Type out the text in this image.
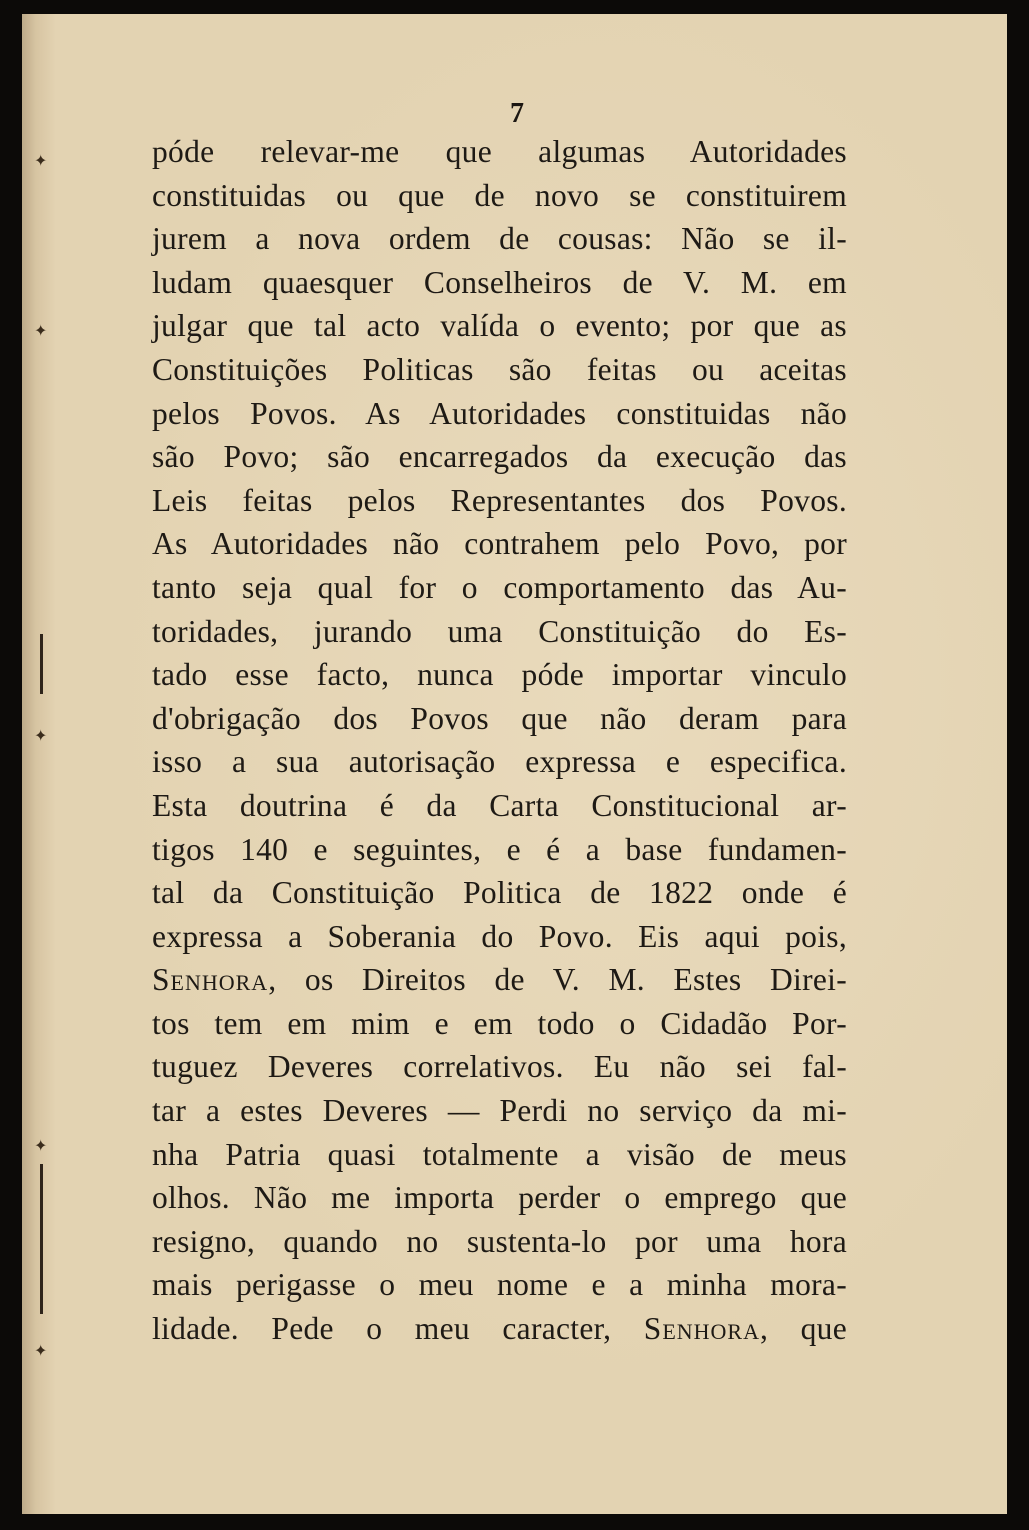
✦
✦
✦
✦
✦
7
póde relevar-me que algumas Autoridades
constituidas ou que de novo se constituirem
jurem a nova ordem de cousas: Não se il-
ludam quaesquer Conselheiros de V. M. em
julgar que tal acto valída o evento; por que as
Constituições Politicas são feitas ou aceitas
pelos Povos. As Autoridades constituidas não
são Povo; são encarregados da execução das
Leis feitas pelos Representantes dos Povos.
As Autoridades não contrahem pelo Povo, por
tanto seja qual for o comportamento das Au-
toridades, jurando uma Constituição do Es-
tado esse facto, nunca póde importar vinculo
d'obrigação dos Povos que não deram para
isso a sua autorisação expressa e especifica.
Esta doutrina é da Carta Constitucional ar-
tigos 140 e seguintes, e é a base fundamen-
tal da Constituição Politica de 1822 onde é
expressa a Soberania do Povo. Eis aqui pois,
Senhora, os Direitos de V. M. Estes Direi-
tos tem em mim e em todo o Cidadão Por-
tuguez Deveres correlativos. Eu não sei fal-
tar a estes Deveres — Perdi no serviço da mi-
nha Patria quasi totalmente a visão de meus
olhos. Não me importa perder o emprego que
resigno, quando no sustenta-lo por uma hora
mais perigasse o meu nome e a minha mora-
lidade. Pede o meu caracter, Senhora, que
